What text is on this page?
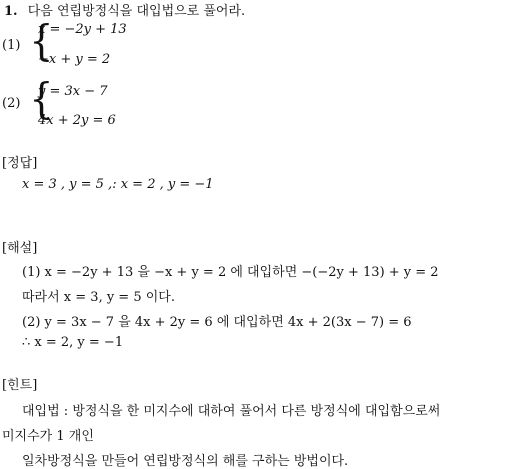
1. 다음 연립방정식을 대입법으로 풀어라.
(1) {
x = −2y + 13
−x + y = 2
(2) {
y = 3x − 7
4x + 2y = 6
[정답]
x = 3 , y = 5 ,: x = 2 , y = −1
[해설]
(1) x = −2y + 13 을 −x + y = 2 에 대입하면 −(−2y + 13) + y = 2
따라서 x = 3, y = 5 이다.
(2) y = 3x − 7 을 4x + 2y = 6 에 대입하면 4x + 2(3x − 7) = 6
∴ x = 2, y = −1
[힌트]
대입법 : 방정식을 한 미지수에 대하여 풀어서 다른 방정식에 대입함으로써
미지수가 1 개인
일차방정식을 만들어 연립방정식의 해를 구하는 방법이다.
